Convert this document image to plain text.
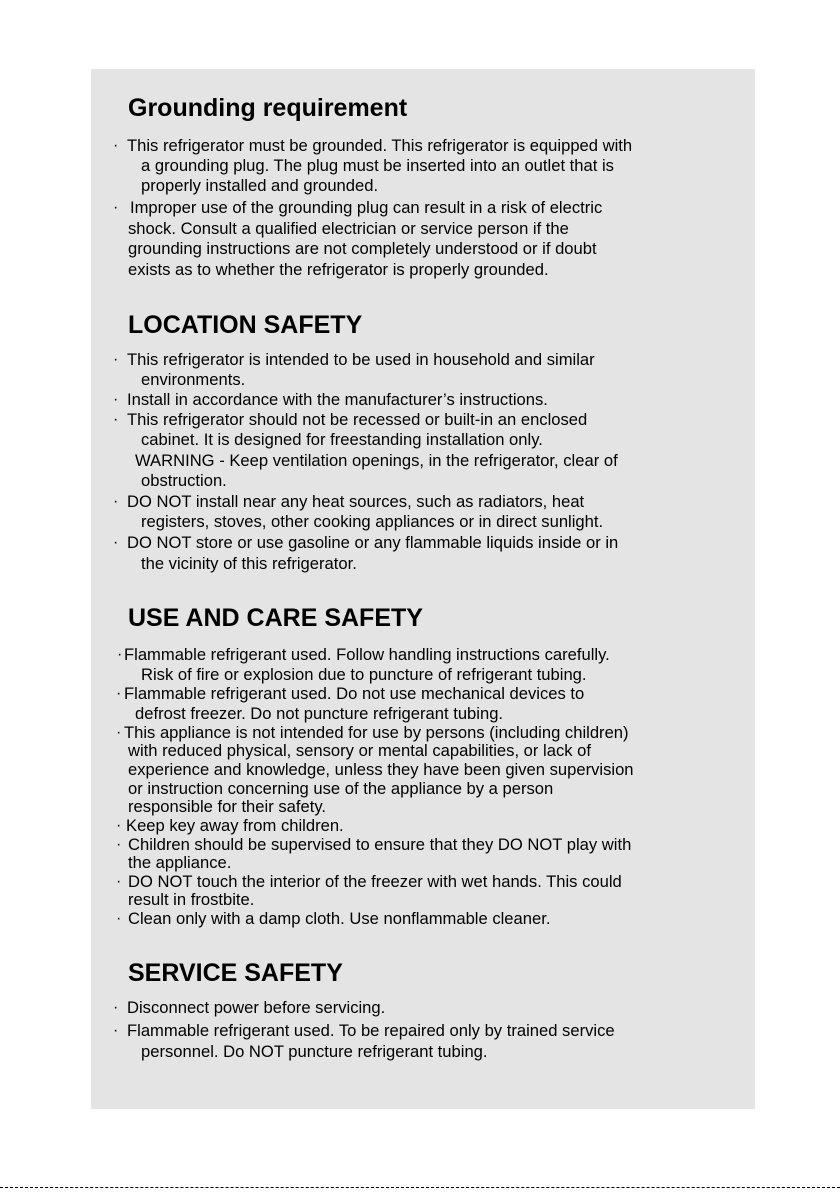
Grounding requirement
· This refrigerator must be grounded. This refrigerator is equipped with

a grounding plug. The plug must be inserted into an outlet that is

properly installed and grounded.

· Improper use of the grounding plug can result in a risk of electric

shock. Consult a qualified electrician or service person if the

grounding instructions are not completely understood or if doubt

exists as to whether the refrigerator is properly grounded.

LOCATION SAFETY
· This refrigerator is intended to be used in household and similar

environments.

· Install in accordance with the manufacturer’s instructions.

· This refrigerator should not be recessed or built-in an enclosed

cabinet. It is designed for freestanding installation only.

WARNING - Keep ventilation openings, in the refrigerator, clear of

obstruction.

· DO NOT install near any heat sources, such as radiators, heat

registers, stoves, other cooking appliances or in direct sunlight.

· DO NOT store or use gasoline or any flammable liquids inside or in

the vicinity of this refrigerator.

USE AND CARE SAFETY
· Flammable refrigerant used. Follow handling instructions carefully.

Risk of fire or explosion due to puncture of refrigerant tubing.

· Flammable refrigerant used. Do not use mechanical devices to

defrost freezer. Do not puncture refrigerant tubing.

· This appliance is not intended for use by persons (including children)

with reduced physical, sensory or mental capabilities, or lack of

experience and knowledge, unless they have been given supervision

or instruction concerning use of the appliance by a person

responsible for their safety.

· Keep key away from children.

· Children should be supervised to ensure that they DO NOT play with

the appliance.

· DO NOT touch the interior of the freezer with wet hands. This could

result in frostbite.

· Clean only with a damp cloth. Use nonflammable cleaner.

SERVICE SAFETY
· Disconnect power before servicing.

· Flammable refrigerant used. To be repaired only by trained service

personnel. Do NOT puncture refrigerant tubing.
